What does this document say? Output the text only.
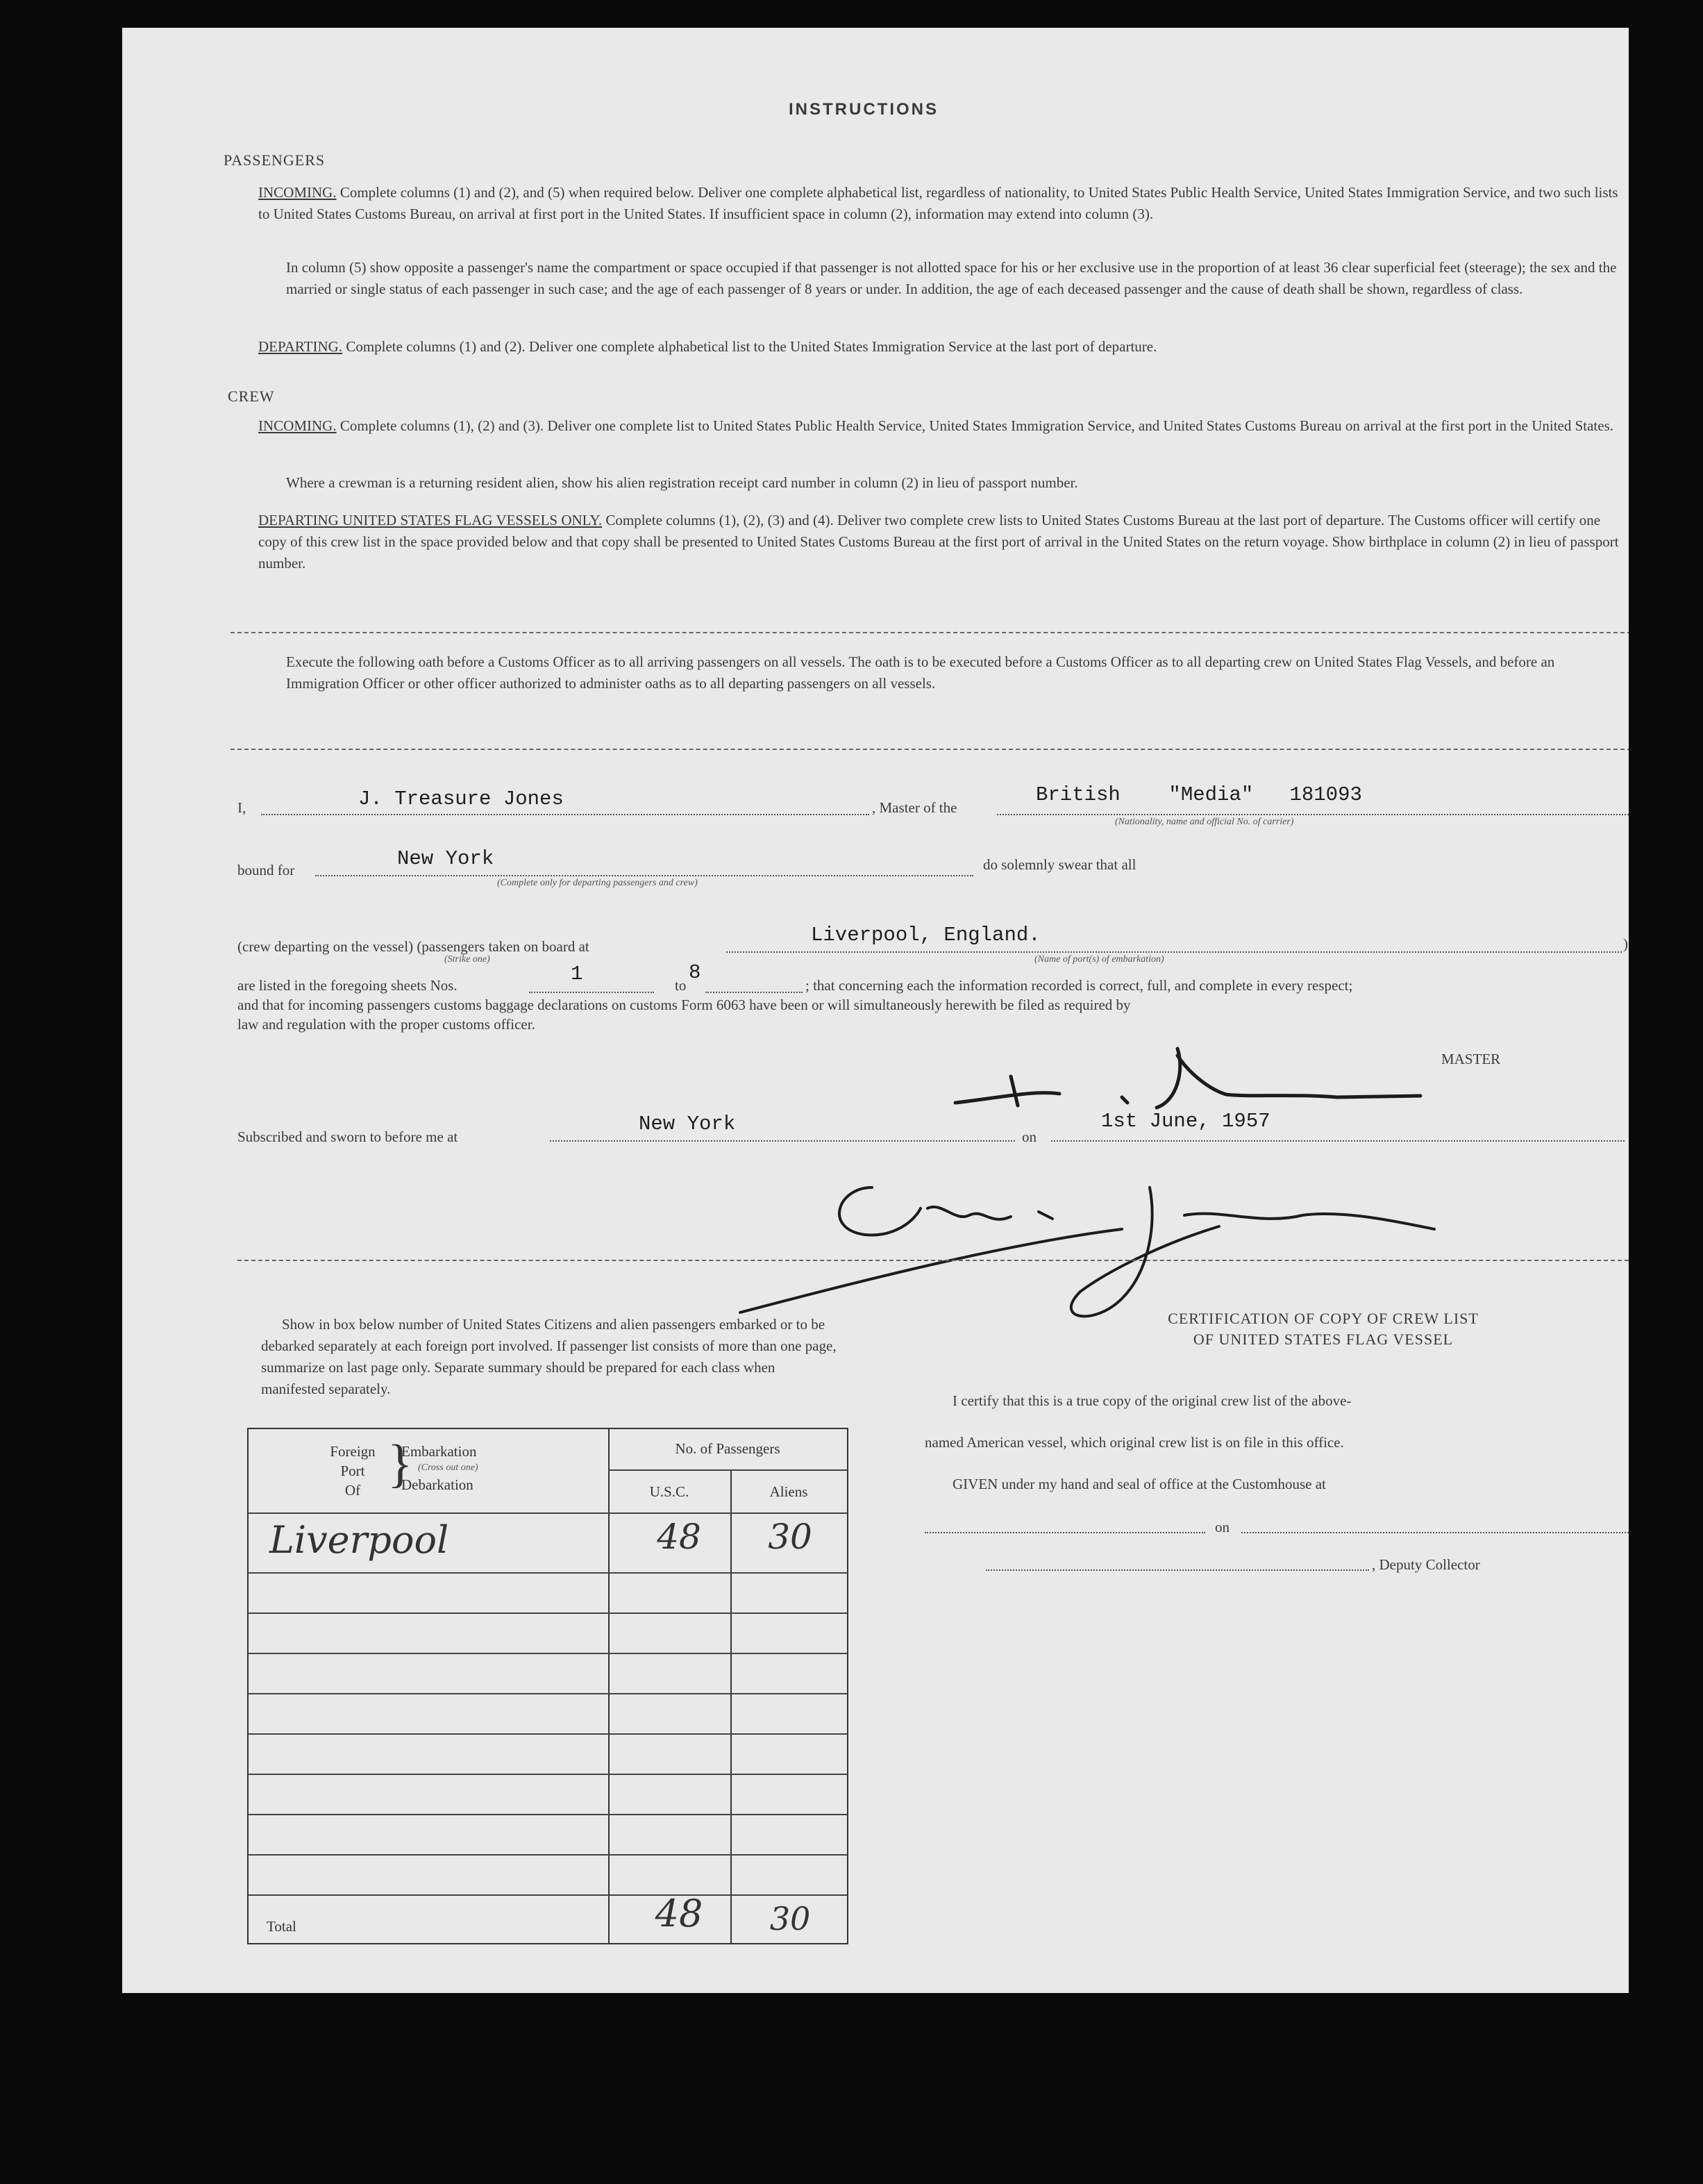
INSTRUCTIONS
PASSENGERS
INCOMING. Complete columns (1) and (2), and (5) when required below. Deliver one complete alphabetical list, regardless of nationality, to United States Public Health Service, United States Immigration Service, and two such lists to United States Customs Bureau, on arrival at first port in the United States. If insufficient space in column (2), information may extend into column (3).
In column (5) show opposite a passenger's name the compartment or space occupied if that passenger is not allotted space for his or her exclusive use in the proportion of at least 36 clear superficial feet (steerage); the sex and the married or single status of each passenger in such case; and the age of each passenger of 8 years or under. In addition, the age of each deceased passenger and the cause of death shall be shown, regardless of class.
DEPARTING. Complete columns (1) and (2). Deliver one complete alphabetical list to the United States Immigration Service at the last port of departure.
CREW
INCOMING. Complete columns (1), (2) and (3). Deliver one complete list to United States Public Health Service, United States Immigration Service, and United States Customs Bureau on arrival at the first port in the United States.
Where a crewman is a returning resident alien, show his alien registration receipt card number in column (2) in lieu of passport number.
DEPARTING UNITED STATES FLAG VESSELS ONLY. Complete columns (1), (2), (3) and (4). Deliver two complete crew lists to United States Customs Bureau at the last port of departure. The Customs officer will certify one copy of this crew list in the space provided below and that copy shall be presented to United States Customs Bureau at the first port of arrival in the United States on the return voyage. Show birthplace in column (2) in lieu of passport number.
Execute the following oath before a Customs Officer as to all arriving passengers on all vessels. The oath is to be executed before a Customs Officer as to all departing crew on United States Flag Vessels, and before an Immigration Officer or other officer authorized to administer oaths as to all departing passengers on all vessels.
I,	J. Treasure Jones	, Master of the
British    "Media"   181093
(Nationality, name and official No. of carrier)
bound for	New York
(Complete only for departing passengers and crew)
do solemnly swear that all
(crew departing on the vessel) (passengers taken on board at
(Strike one)
Liverpool, England.
(Name of port(s) of embarkation)
)
are listed in the foregoing sheets Nos.	1	to
8
; that concerning each the information recorded is correct, full, and complete in every respect;
and that for incoming passengers customs baggage declarations on customs Form 6063 have been or will simultaneously herewith be filed as required by
law and regulation with the proper customs officer.
MASTER
Subscribed and sworn to before me at
New York
on
1st June, 1957
Show in box below number of United States Citizens and alien passengers embarked or to be debarked separately at each foreign port involved. If passenger list consists of more than one page, summarize on last page only. Separate summary should be prepared for each class when manifested separately.
Foreign
Port
Of }
Embarkation
(Cross out one)
Debarkation
No. of Passengers
U.S.C.	Aliens
Liverpool	48	30
Total	48	30
CERTIFICATION OF COPY OF CREW LIST
OF UNITED STATES FLAG VESSEL
I certify that this is a true copy of the original crew list of the above-
named American vessel, which original crew list is on file in this office.
GIVEN under my hand and seal of office at the Customhouse at
on
, Deputy Collector
